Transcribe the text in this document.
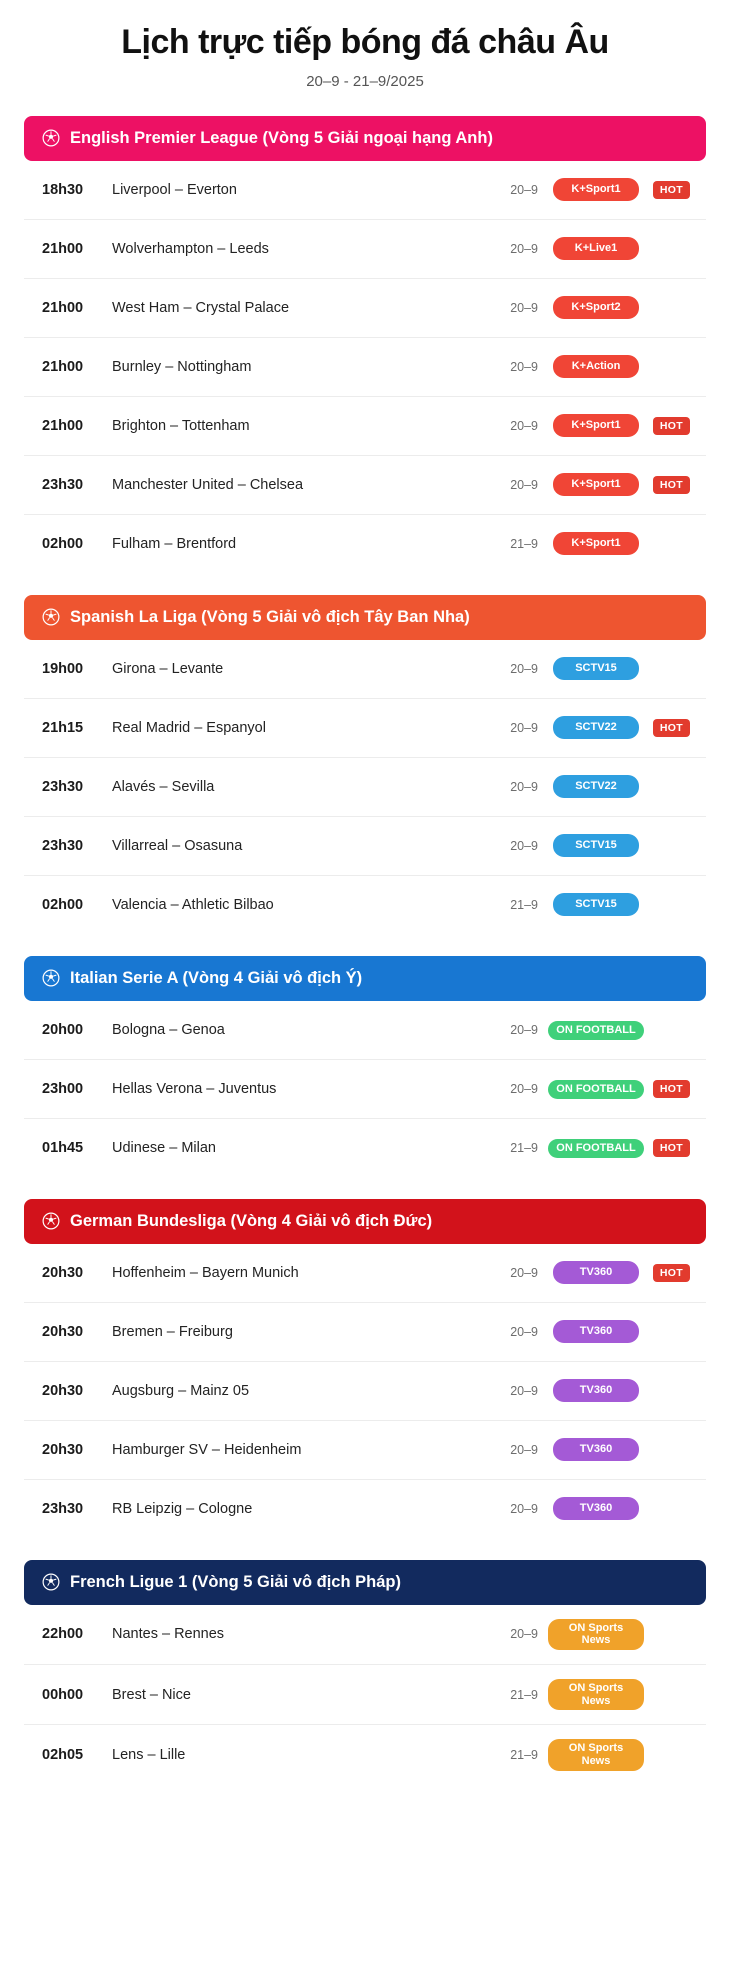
Lịch trực tiếp bóng đá châu Âu
20–9 - 21–9/2025
English Premier League (Vòng 5 Giải ngoại hạng Anh)
18h30	Liverpool – Everton	20–9	K+Sport1	HOT
21h00	Wolverhampton – Leeds	20–9	K+Live1
21h00	West Ham – Crystal Palace	20–9	K+Sport2
21h00	Burnley – Nottingham	20–9	K+Action
21h00	Brighton – Tottenham	20–9	K+Sport1	HOT
23h30	Manchester United – Chelsea	20–9	K+Sport1	HOT
02h00	Fulham – Brentford	21–9	K+Sport1
Spanish La Liga (Vòng 5 Giải vô địch Tây Ban Nha)
19h00	Girona – Levante	20–9	SCTV15
21h15	Real Madrid – Espanyol	20–9	SCTV22	HOT
23h30	Alavés – Sevilla	20–9	SCTV22
23h30	Villarreal – Osasuna	20–9	SCTV15
02h00	Valencia – Athletic Bilbao	21–9	SCTV15
Italian Serie A (Vòng 4 Giải vô địch Ý)
20h00	Bologna – Genoa	20–9	ON FOOTBALL
23h00	Hellas Verona – Juventus	20–9	ON FOOTBALL	HOT
01h45	Udinese – Milan	21–9	ON FOOTBALL	HOT
German Bundesliga (Vòng 4 Giải vô địch Đức)
20h30	Hoffenheim – Bayern Munich	20–9	TV360	HOT
20h30	Bremen – Freiburg	20–9	TV360
20h30	Augsburg – Mainz 05	20–9	TV360
20h30	Hamburger SV – Heidenheim	20–9	TV360
23h30	RB Leipzig – Cologne	20–9	TV360
French Ligue 1 (Vòng 5 Giải vô địch Pháp)
22h00	Nantes – Rennes	20–9	ON Sports News
00h00	Brest – Nice	21–9	ON Sports News
02h05	Lens – Lille	21–9	ON Sports News
